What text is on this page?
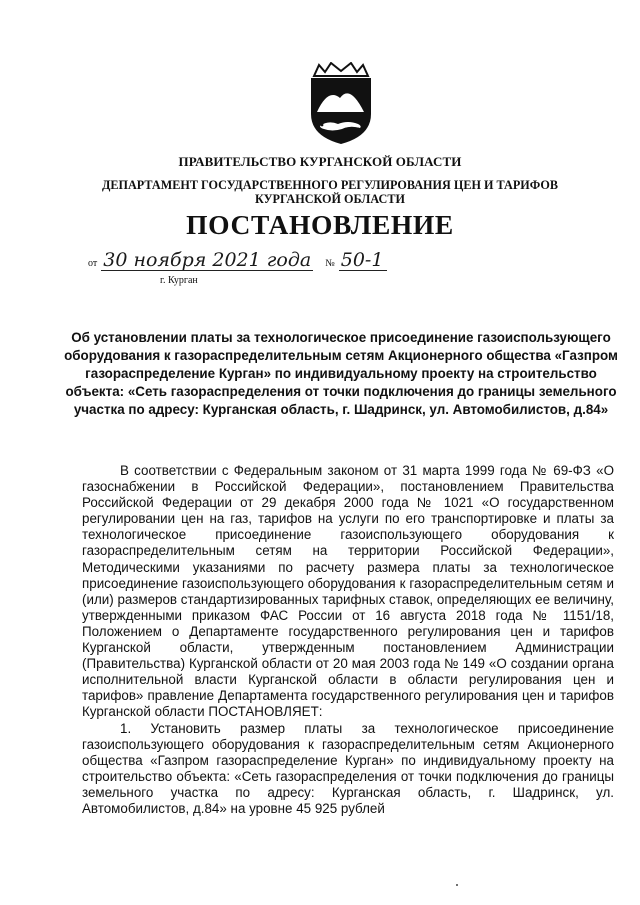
ПРАВИТЕЛЬСТВО КУРГАНСКОЙ ОБЛАСТИ
ДЕПАРТАМЕНТ ГОСУДАРСТВЕННОГО РЕГУЛИРОВАНИЯ ЦЕН И ТАРИФОВ КУРГАНСКОЙ ОБЛАСТИ
ПОСТАНОВЛЕНИЕ
от 30 ноября 2021 года № 50-1
г. Курган
Об установлении платы за технологическое присоединение газоиспользующего оборудования к газораспределительным сетям Акционерного общества «Газпром газораспределение Курган» по индивидуальному проекту на строительство объекта: «Сеть газораспределения от точки подключения до границы земельного участка по адресу: Курганская область, г. Шадринск, ул. Автомобилистов, д.84»

В соответствии с Федеральным законом от 31 марта 1999 года № 69-ФЗ «О газоснабжении в Российской Федерации», постановлением Правительства Российской Федерации от 29 декабря 2000 года № 1021 «О государственном регулировании цен на газ, тарифов на услуги по его транспортировке и платы за технологическое присоединение газоиспользующего оборудования к газораспределительным сетям на территории Российской Федерации», Методическими указаниями по расчету размера платы за технологическое присоединение газоиспользующего оборудования к газораспределительным сетям и (или) размеров стандартизированных тарифных ставок, определяющих ее величину, утвержденными приказом ФАС России от 16 августа 2018 года № 1151/18, Положением о Департаменте государственного регулирования цен и тарифов Курганской области, утвержденным постановлением Администрации (Правительства) Курганской области от 20 мая 2003 года № 149 «О создании органа исполнительной власти Курганской области в области регулирования цен и тарифов» правление Департамента государственного регулирования цен и тарифов Курганской области ПОСТАНОВЛЯЕТ:

1. Установить размер платы за технологическое присоединение газоиспользующего оборудования к газораспределительным сетям Акционерного общества «Газпром газораспределение Курган» по индивидуальному проекту на строительство объекта: «Сеть газораспределения от точки подключения до границы земельного участка по адресу: Курганская область, г. Шадринск, ул. Автомобилистов, д.84» на уровне 45 925 рублей
